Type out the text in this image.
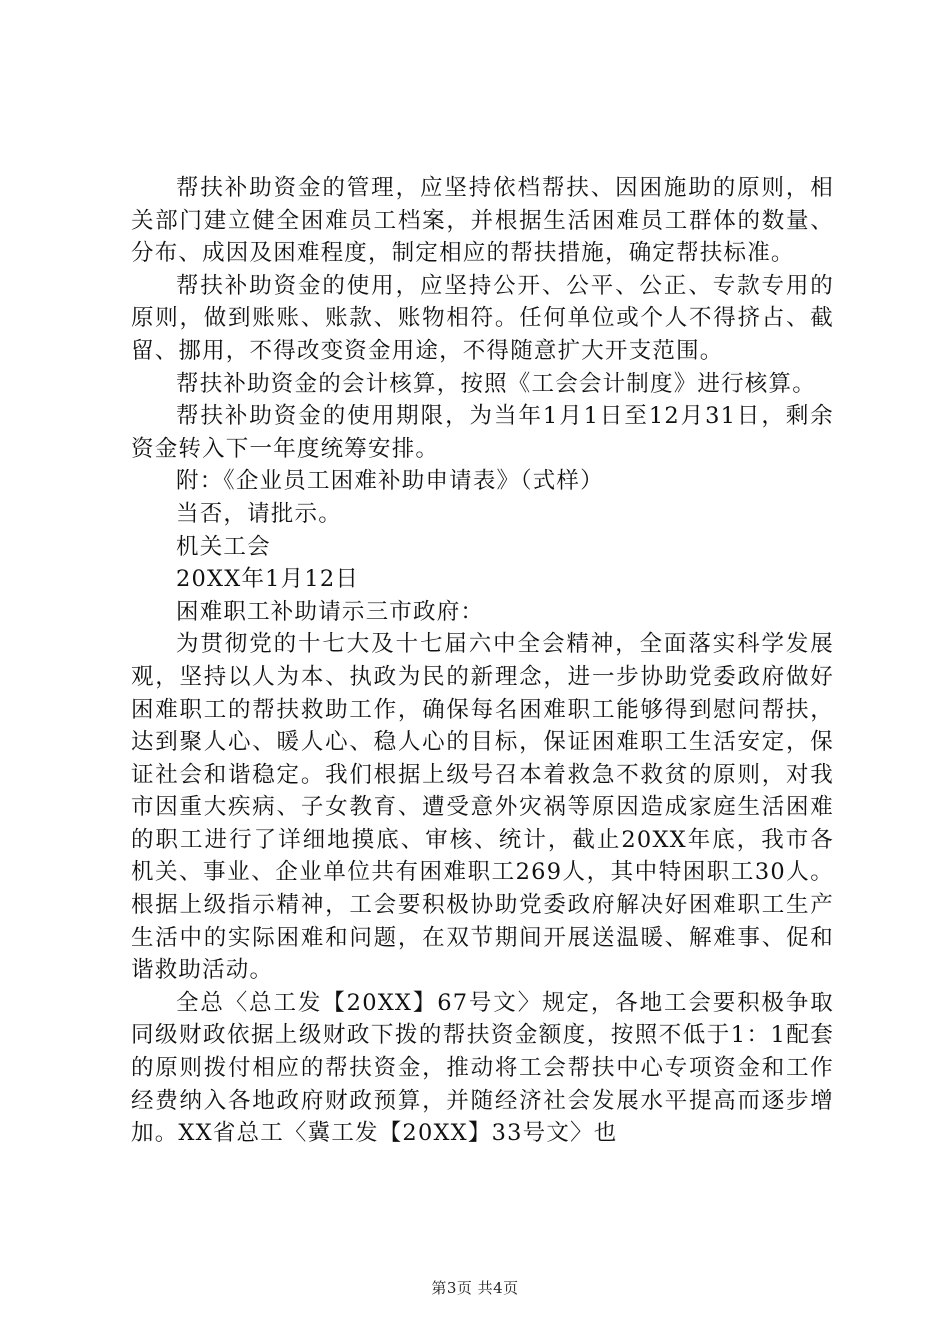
帮扶补助资金的管理，应坚持依档帮扶、因困施助的原则，相关部门建立健全困难员工档案，并根据生活困难员工群体的数量、分布、成因及困难程度，制定相应的帮扶措施，确定帮扶标准。

帮扶补助资金的使用，应坚持公开、公平、公正、专款专用的原则，做到账账、账款、账物相符。任何单位或个人不得挤占、截留、挪用，不得改变资金用途，不得随意扩大开支范围。

帮扶补助资金的会计核算，按照《工会会计制度》进行核算。

帮扶补助资金的使用期限，为当年1月1日至12月31日，剩余资金转入下一年度统筹安排。

附：《企业员工困难补助申请表》（式样）

当否，请批示。

机关工会

20XX年1月12日

困难职工补助请示三市政府：

为贯彻党的十七大及十七届六中全会精神，全面落实科学发展观，坚持以人为本、执政为民的新理念，进一步协助党委政府做好困难职工的帮扶救助工作，确保每名困难职工能够得到慰问帮扶，达到聚人心、暖人心、稳人心的目标，保证困难职工生活安定，保证社会和谐稳定。我们根据上级号召本着救急不救贫的原则，对我市因重大疾病、子女教育、遭受意外灾祸等原因造成家庭生活困难的职工进行了详细地摸底、审核、统计，截止20XX年底，我市各机关、事业、企业单位共有困难职工269人，其中特困职工30人。根据上级指示精神，工会要积极协助党委政府解决好困难职工生产生活中的实际困难和问题，在双节期间开展送温暖、解难事、促和谐救助活动。

全总〈总工发【20XX】67号文〉规定，各地工会要积极争取同级财政依据上级财政下拨的帮扶资金额度，按照不低于1：1配套的原则拨付相应的帮扶资金，推动将工会帮扶中心专项资金和工作经费纳入各地政府财政预算，并随经济社会发展水平提高而逐步增加。XX省总工〈冀工发【20XX】33号文〉也

第3页 共4页
